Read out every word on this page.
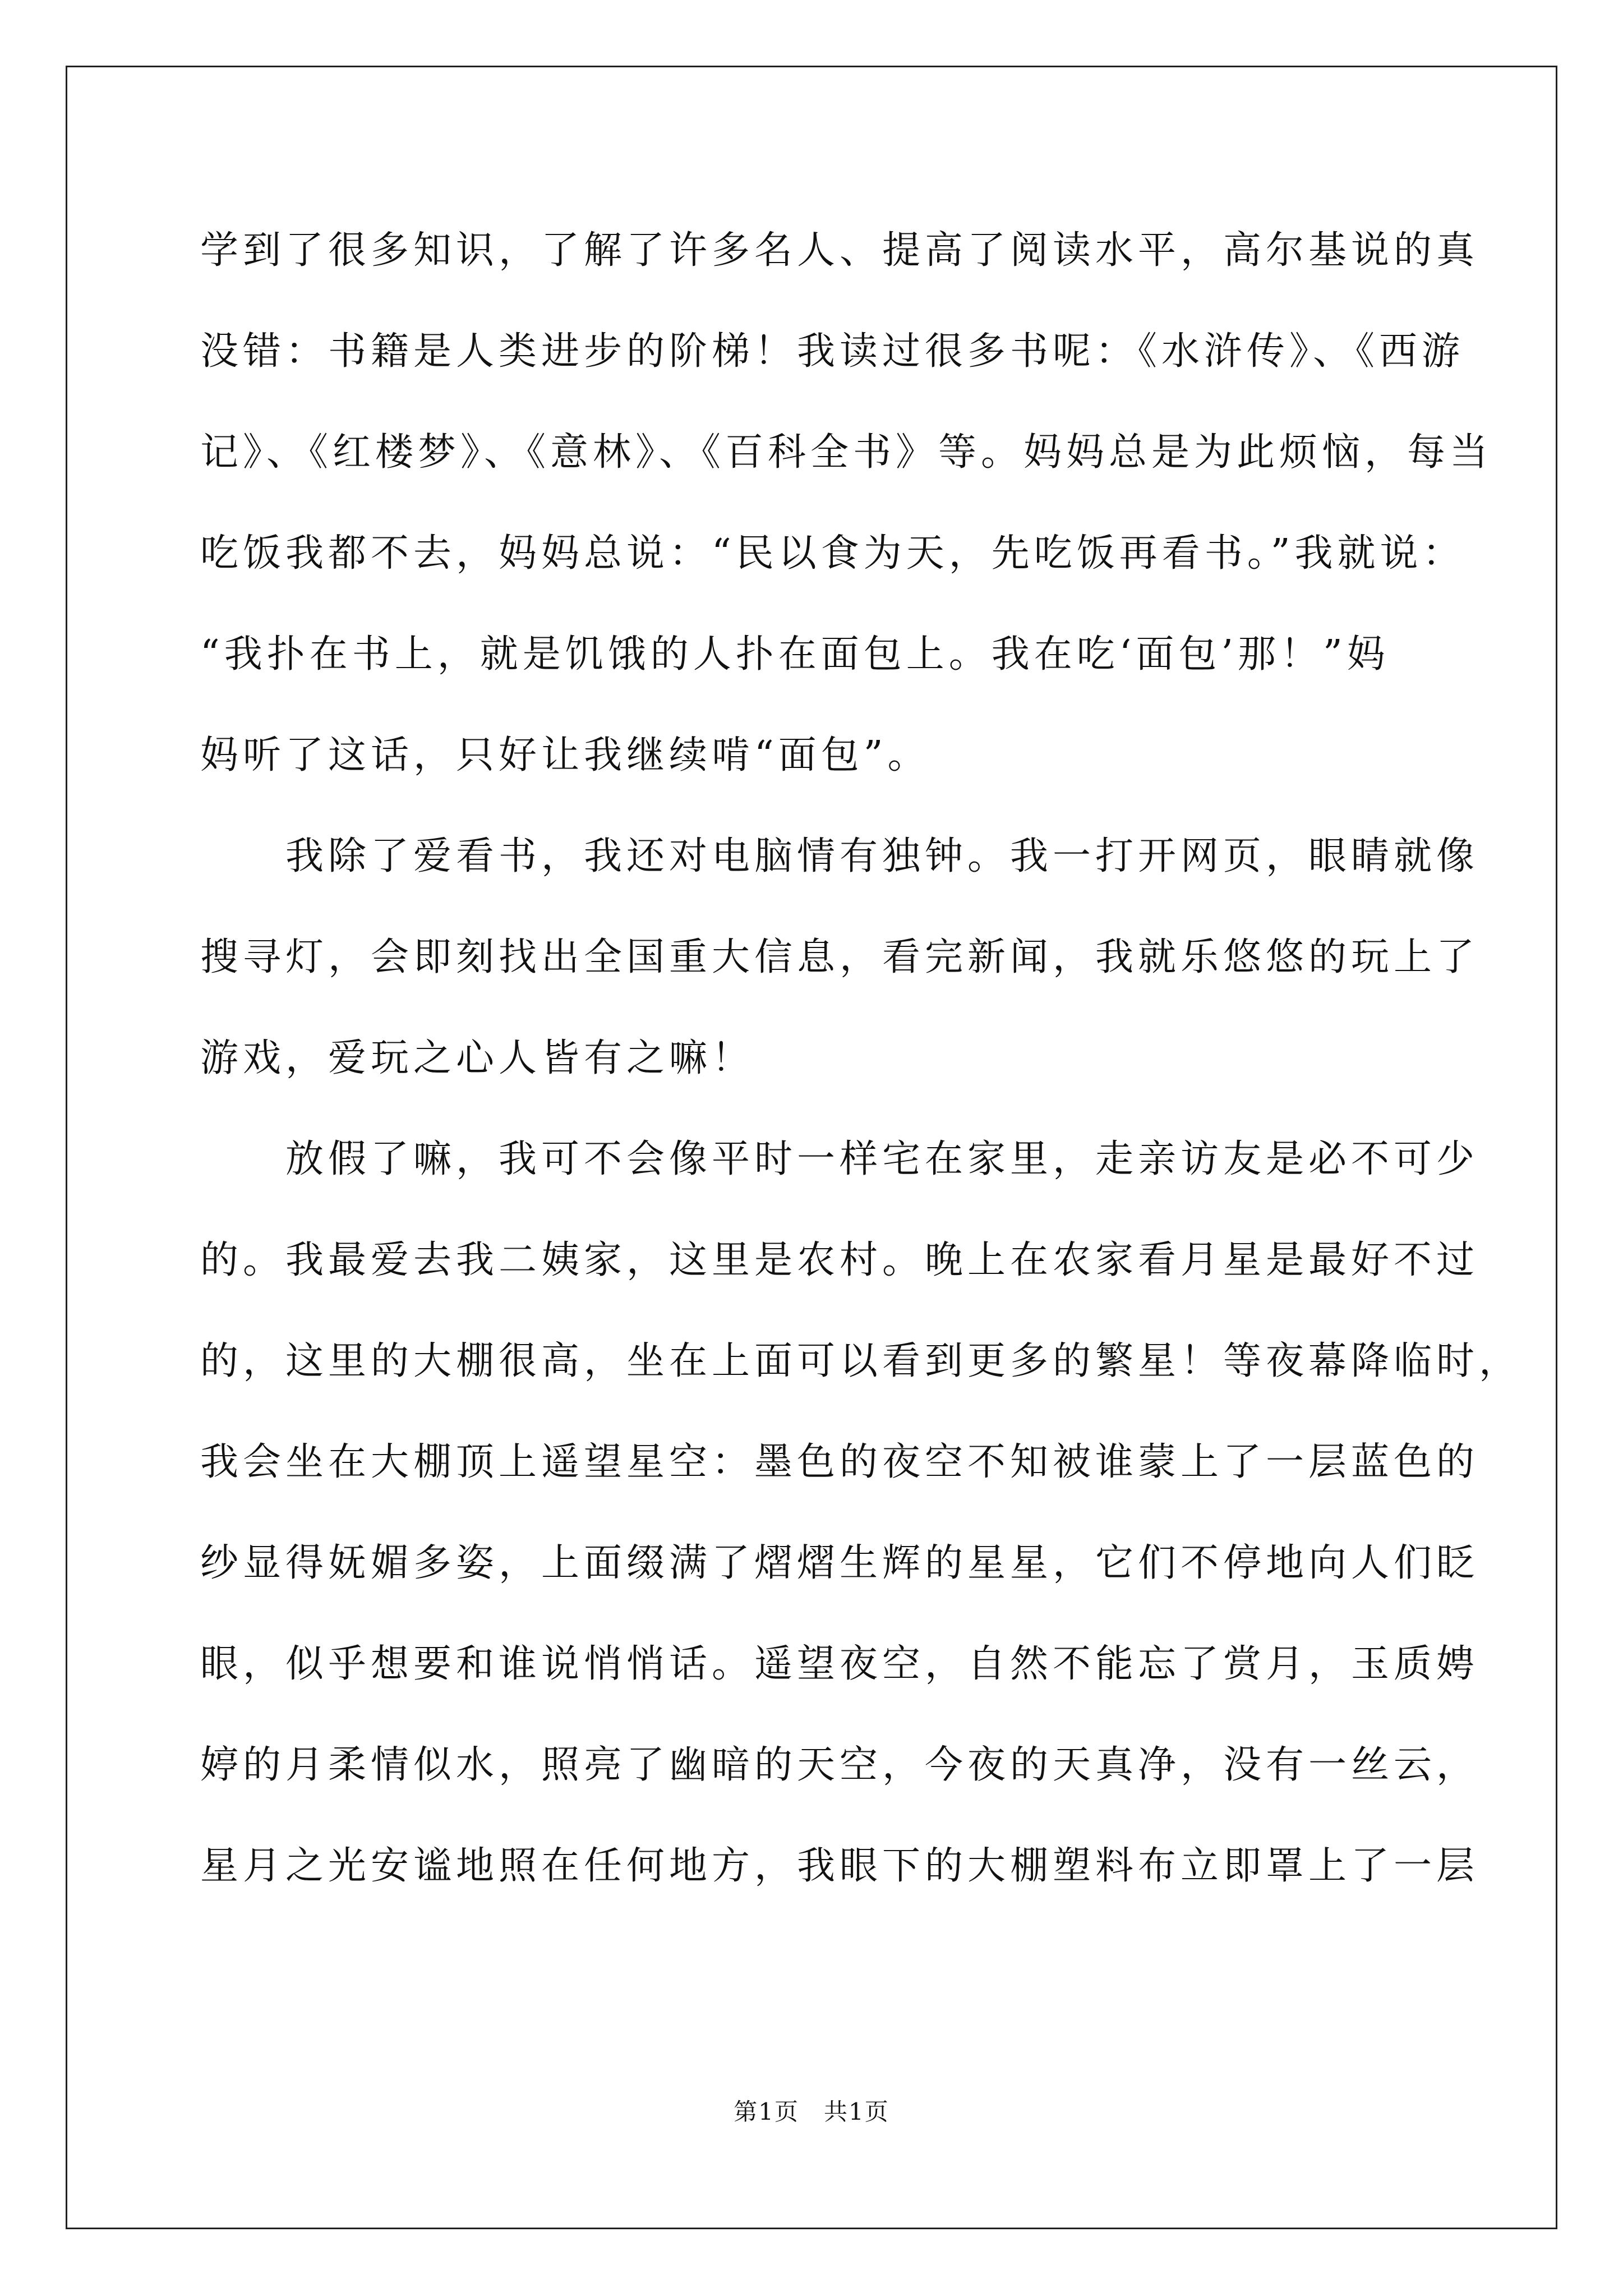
学到了很多知识，了解了许多名人、提高了阅读水平，高尔基说的真
没错：书籍是人类进步的阶梯！我读过很多书呢：《水浒传》、《西游
记》、《红楼梦》、《意林》、《百科全书》等。妈妈总是为此烦恼，每当
吃饭我都不去，妈妈总说：“民以食为天，先吃饭再看书。”我就说：
“我扑在书上，就是饥饿的人扑在面包上。我在吃‘面包’那！”妈
妈听了这话，只好让我继续啃“面包”。
　　我除了爱看书，我还对电脑情有独钟。我一打开网页，眼睛就像
搜寻灯，会即刻找出全国重大信息，看完新闻，我就乐悠悠的玩上了
游戏，爱玩之心人皆有之嘛！
　　放假了嘛，我可不会像平时一样宅在家里，走亲访友是必不可少
的。我最爱去我二姨家，这里是农村。晚上在农家看月星是最好不过
的，这里的大棚很高，坐在上面可以看到更多的繁星！等夜幕降临时，
我会坐在大棚顶上遥望星空：墨色的夜空不知被谁蒙上了一层蓝色的
纱显得妩媚多姿，上面缀满了熠熠生辉的星星，它们不停地向人们眨
眼，似乎想要和谁说悄悄话。遥望夜空，自然不能忘了赏月，玉质娉
婷的月柔情似水，照亮了幽暗的天空，今夜的天真净，没有一丝云，
星月之光安谧地照在任何地方，我眼下的大棚塑料布立即罩上了一层
第1页　共1页
